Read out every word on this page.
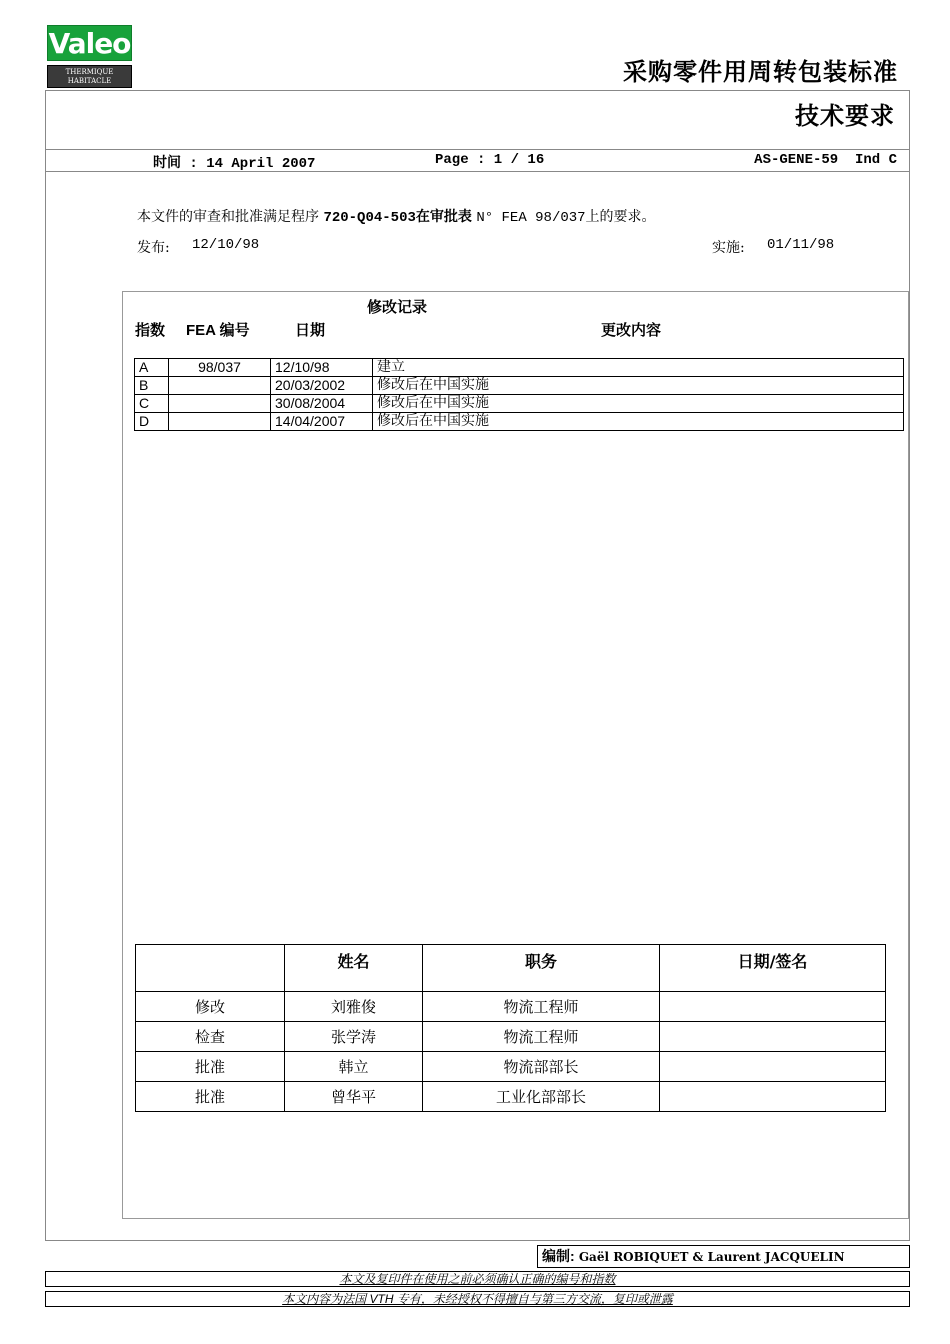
Valeo
THERMIQUE HABITACLE	采购零件用周转包装标准
技术要求
时间 : 14 April 2007	Page : 1 / 16	AS-GENE-59  Ind C
本文件的审查和批准满足程序 720-Q04-503在审批表 N° FEA 98/037上的要求。
发布: 12/10/98	实施: 01/11/98
修改记录
指数 FEA 编号	日期	更改内容
A	98/037	12/10/98	建立
B		20/03/2002	修改后在中国实施
C		30/08/2004	修改后在中国实施
D		14/04/2007	修改后在中国实施
	姓名	职务	日期/签名
修改	刘雅俊	物流工程师	
检查	张学涛	物流工程师	
批准	韩立	物流部部长	
批准	曾华平	工业化部部长	
编制: Gaël ROBIQUET & Laurent JACQUELIN
本文及复印件在使用之前必须确认正确的编号和指数
本文内容为法国 VTH 专有，未经授权不得擅自与第三方交流，复印或泄露
